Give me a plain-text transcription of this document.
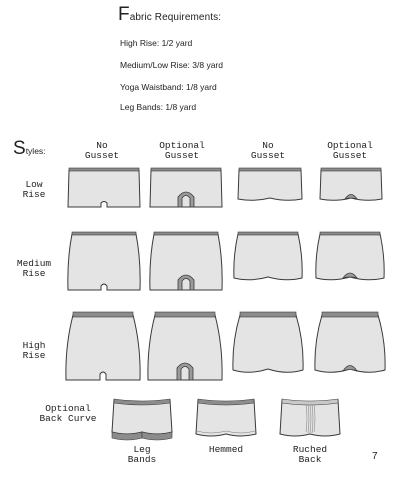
Fabric Requirements:
High Rise: 1/2 yard
Medium/Low Rise: 3/8 yard
Yoga Waistband: 1/8 yard
Leg Bands: 1/8 yard
Styles:	No
Gusset
Optional
Gusset
No
Gusset
Optional
Gusset
Low
Rise
Medium
Rise
High
Rise
Optional
Back Curve
Leg
Bands
Hemmed	Ruched
Back	7
